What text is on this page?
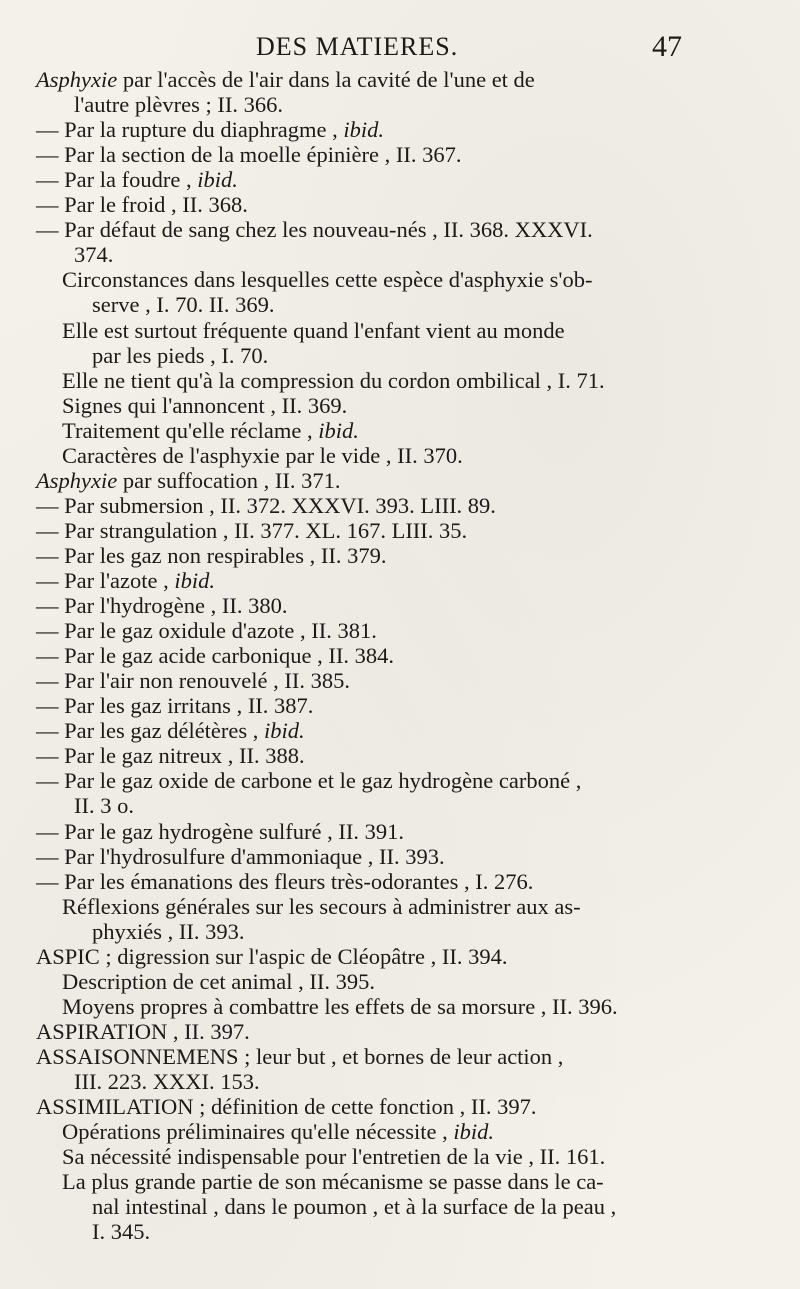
DES MATIERES.	47
Asphyxie par l'accès de l'air dans la cavité de l'une et de
l'autre plèvres ; II. 366.
— Par la rupture du diaphragme , ibid.
— Par la section de la moelle épinière , II. 367.
— Par la foudre , ibid.
— Par le froid , II. 368.
— Par défaut de sang chez les nouveau-nés , II. 368. XXXVI.
374.
Circonstances dans lesquelles cette espèce d'asphyxie s'ob-
serve , I. 70. II. 369.
Elle est surtout fréquente quand l'enfant vient au monde
par les pieds , I. 70.
Elle ne tient qu'à la compression du cordon ombilical , I. 71.
Signes qui l'annoncent , II. 369.
Traitement qu'elle réclame , ibid.
Caractères de l'asphyxie par le vide , II. 370.
Asphyxie par suffocation , II. 371.
— Par submersion , II. 372. XXXVI. 393. LIII. 89.
— Par strangulation , II. 377. XL. 167. LIII. 35.
— Par les gaz non respirables , II. 379.
— Par l'azote , ibid.
— Par l'hydrogène , II. 380.
— Par le gaz oxidule d'azote , II. 381.
— Par le gaz acide carbonique , II. 384.
— Par l'air non renouvelé , II. 385.
— Par les gaz irritans , II. 387.
— Par les gaz délétères , ibid.
— Par le gaz nitreux , II. 388.
— Par le gaz oxide de carbone et le gaz hydrogène carboné ,
II. 3 o.
— Par le gaz hydrogène sulfuré , II. 391.
— Par l'hydrosulfure d'ammoniaque , II. 393.
— Par les émanations des fleurs très-odorantes , I. 276.
Réflexions générales sur les secours à administrer aux as-
phyxiés , II. 393.
ASPIC ; digression sur l'aspic de Cléopâtre , II. 394.
Description de cet animal , II. 395.
Moyens propres à combattre les effets de sa morsure , II. 396.
ASPIRATION , II. 397.
ASSAISONNEMENS ; leur but , et bornes de leur action ,
III. 223. XXXI. 153.
ASSIMILATION ; définition de cette fonction , II. 397.
Opérations préliminaires qu'elle nécessite , ibid.
Sa nécessité indispensable pour l'entretien de la vie , II. 161.
La plus grande partie de son mécanisme se passe dans le ca-
nal intestinal , dans le poumon , et à la surface de la peau ,
I. 345.
